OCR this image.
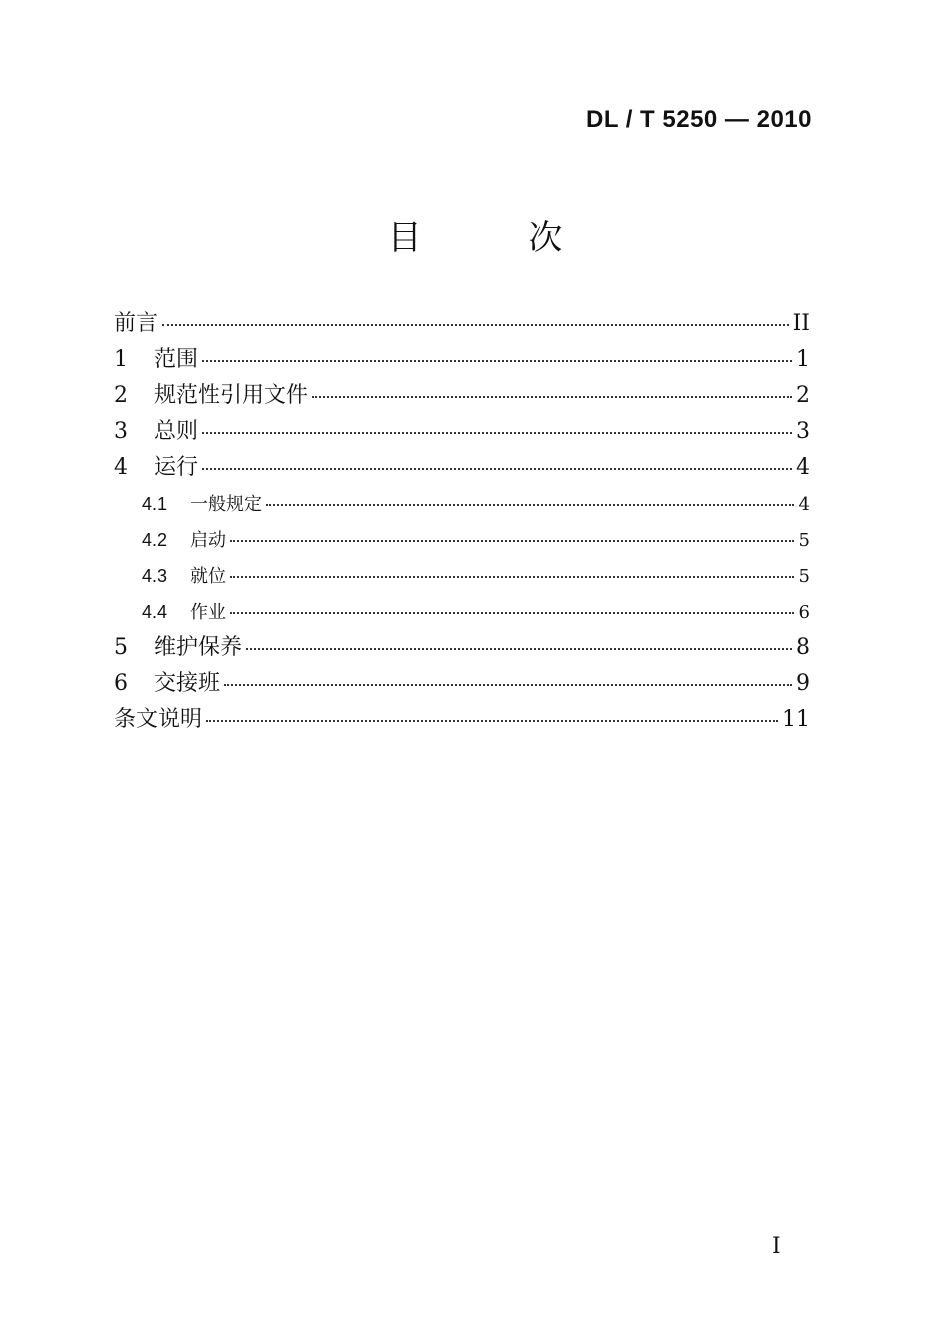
DL / T 5250 — 2010
目 次
前言	II
1	范围	1
2	规范性引用文件	2
3	总则	3
4	运行	4
4.1	一般规定	4
4.2	启动	5
4.3	就位	5
4.4	作业	6
5	维护保养	8
6	交接班	9
条文说明	11
I
